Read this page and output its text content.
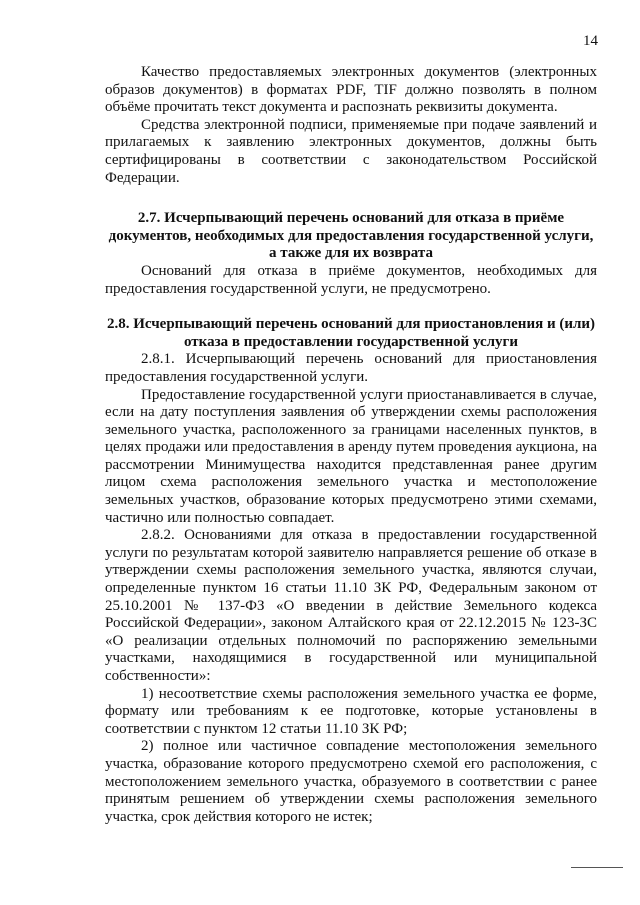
14

Качество предоставляемых электронных документов (электронных образов документов) в форматах PDF, TIF должно позволять в полном объёме прочитать текст документа и распознать реквизиты документа.

Средства электронной подписи, применяемые при подаче заявлений и прилагаемых к заявлению электронных документов, должны быть сертифицированы в соответствии с законодательством Российской Федерации.

2.7. Исчерпывающий перечень оснований для отказа в приёме документов, необходимых для предоставления государственной услуги, а также для их возврата

Оснований для отказа в приёме документов, необходимых для предоставления государственной услуги, не предусмотрено.

2.8. Исчерпывающий перечень оснований для приостановления и (или) отказа в предоставлении государственной услуги

2.8.1. Исчерпывающий перечень оснований для приостановления предоставления государственной услуги.

Предоставление государственной услуги приостанавливается в случае, если на дату поступления заявления об утверждении схемы расположения земельного участка, расположенного за границами населенных пунктов, в целях продажи или предоставления в аренду путем проведения аукциона, на рассмотрении Минимущества находится представленная ранее другим лицом схема расположения земельного участка и местоположение земельных участков, образование которых предусмотрено этими схемами, частично или полностью совпадает.

2.8.2. Основаниями для отказа в предоставлении государственной услуги по результатам которой заявителю направляется решение об отказе в утверждении схемы расположения земельного участка, являются случаи, определенные пунктом 16 статьи 11.10 ЗК РФ, Федеральным законом от 25.10.2001 № 137-ФЗ «О введении в действие Земельного кодекса Российской Федерации», законом Алтайского края от 22.12.2015 № 123-ЗС «О реализации отдельных полномочий по распоряжению земельными участками, находящимися в государственной или муниципальной собственности»:

1) несоответствие схемы расположения земельного участка ее форме, формату или требованиям к ее подготовке, которые установлены в соответствии с пунктом 12 статьи 11.10 ЗК РФ;

2) полное или частичное совпадение местоположения земельного участка, образование которого предусмотрено схемой его расположения, с местоположением земельного участка, образуемого в соответствии с ранее принятым решением об утверждении схемы расположения земельного участка, срок действия которого не истек;
